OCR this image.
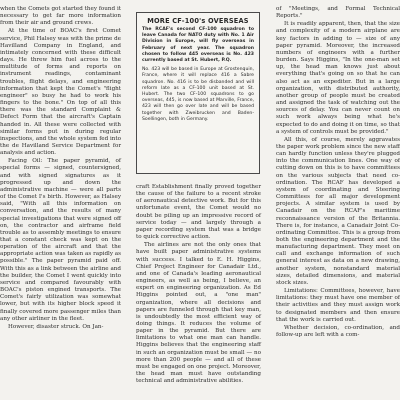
when the Comets got started they found it necessary to get far more information from their air and ground crews.

At the time of BOAC's first Comet service, Phil Halsey was with the prime de Havilland Company in England, and intimately concerned with these difficult days. He threw him fuel across to the multitude of forms and reports on instrument readings, contaminant troubles, flight delays, and engineering information that kept the Comet's "flight engineer" so busy he had to work his fingers to the bone." On top of all this there was the standard Complaint & Defect Form that the aircraft's Captain handed in. All these were collected with similar forms put in during regular inspections, and the whole system fed into the de Havilland Service Department for analysis and action.

Facing Oil: The paper pyramid, of special forms — signed, countersigned, and with signed signatures as it progressed up and down the administrative machine — were all parts of the Comet I's birth. However, as Halsey said, "With all this information on conversation, and the results of many special investigations that were signed off on, the contractor and airframe field trouble as to assembly meetings to ensure that a constant check was kept on the operation of the aircraft and that the appropriate action was taken as rapidly as possible." The paper pyramid paid off. With this as a link between the airline and the builder, the Comet I went quickly into service and compared favourably with BOAC's piston engined transports. The Comet's fairly utilization was somewhat lower, but with its higher block speed it finally covered more passenger miles than any other airliner in the fleet.

However, disaster struck. On Jan-

MORE CF-100's OVERSEAS

The RCAF's second CF-100 squadron to leave Canada for NATO duty with No. 1 Air Division in Europe, will fly overseas in February of next year. The squadron chosen to follow 445 overseas is No. 423 currently based at St. Hubert, P.Q.

No. 423 will be based in Europe at Grostenquin, France, where it will replace 416 a Sabre squadron. No. 416 is to be disbanded and will reform late as a CF-100 unit based at St. Hubert. The two CF-100 squadrons to go overseas, 445, is now based at Marville, France, 423 will then go over late and will be based together with Zweibrucken and Baden-Soellingen, both in Germany.

craft Establishment finally proved together the cause of the failure to a recent stroke of aeronautical detective work. But for this unfortunate event, the Comet would no doubt be piling up an impressive record of service today — and largely through a paper recording system that was a bridge to quick corrective action.

The airlines are not the only ones that have built paper administrative systems with success. I talked to E. H. Higgins, Chief Project Engineer for Canadair Ltd., and one of Canada's leading aeronautical engineers, as well as being, I believe, an expert on engineering organization. As Ed Higgins pointed out, a "one man" organization, where all decisions and papers are funneled through that key man, is undoubtedly the most efficient way of doing things. It reduces the volume of paper in the pyramid. But there are limitations to what one man can handle. Higgins believes that the engineering staff in such an organization must be small — no more than 200 people — and all of these must be engaged on one project. Moreover, the head man must have outstanding technical and administrative abilities.

of "Meetings, and Formal Technical Reports."

It is readily apparent, then, that the size and complexity of a modern airplane are key factors in adding to — size of any paper pyramid. Moreover, the increased numbers of engineers with a further burden. Says Higgins, "In the one-man set up, the head man knows just about everything that's going on so that he can also act as an expediter. But in a large organization, with distributed authority, another group of people must be created and assigned the task of watching out the sources of delay. You can never count on such work always being what he's expected to do and doing it on time, so that a system of controls must be provided."

All this, of course, merely aggravates the paper work problem since the new staff can hardly function unless they're plugged into the communication lines. One way of cutting down on this is to have committees on the various subjects that need co-ordination. The RCAF has developed a system of coordinating and Steering Committees for all major development projects. A similar system is used by Canadair on the RCAF's maritime reconnaissance version of the Britannia. There is, for instance, a Canadair Joint Co-ordinating Committee. This is a group from both the engineering department and the manufacturing department. They meet on call and exchange information of such general interest as data on a new drawing, another system, nonstandard material sizes, detailed dimensions, and material stock sizes.

Limitations: Committees, however, have limitations: they must have one member of their activities and they must assign work to designated members and then ensure that the work is carried out.

Whether decision, co-ordination, and follow-up are left with a com-
